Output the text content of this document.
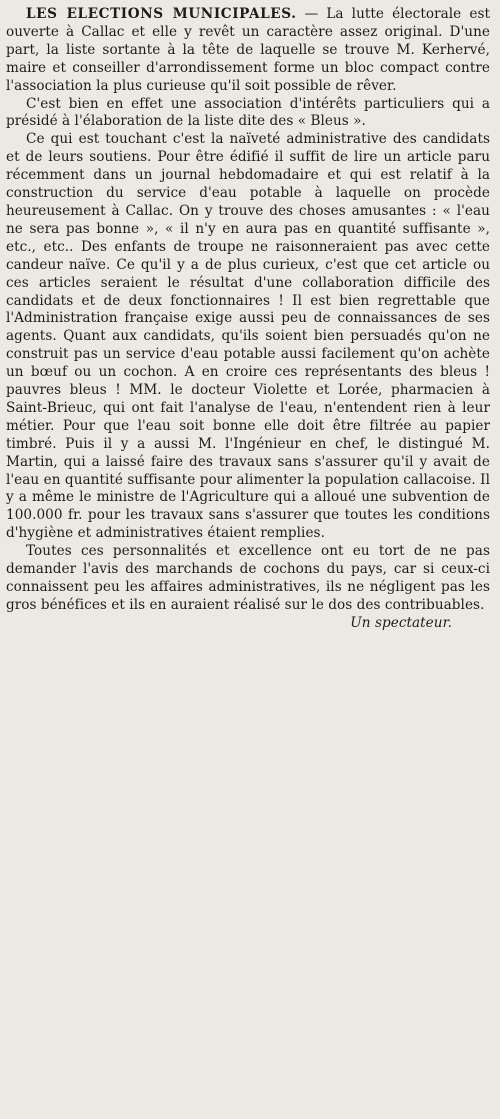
LES ELECTIONS MUNICIPALES. — La lutte électorale est ouverte à Callac et elle y revêt un caractère assez original. D'une part, la liste sortante à la tête de laquelle se trouve M. Kerhervé, maire et conseiller d'arrondissement forme un bloc compact contre l'association la plus curieuse qu'il soit possible de rêver.

C'est bien en effet une association d'intérêts particuliers qui a présidé à l'élaboration de la liste dite des « Bleus ».

Ce qui est touchant c'est la naïveté administrative des candidats et de leurs soutiens. Pour être édifié il suffit de lire un article paru récemment dans un journal hebdomadaire et qui est relatif à la construction du service d'eau potable à laquelle on procède heureusement à Callac. On y trouve des choses amusantes : « l'eau ne sera pas bonne », « il n'y en aura pas en quantité suffisante », etc., etc.. Des enfants de troupe ne raisonneraient pas avec cette candeur naïve. Ce qu'il y a de plus curieux, c'est que cet article ou ces articles seraient le résultat d'une collaboration difficile des candidats et de deux fonctionnaires ! Il est bien regrettable que l'Administration française exige aussi peu de connaissances de ses agents. Quant aux candidats, qu'ils soient bien persuadés qu'on ne construit pas un service d'eau potable aussi facilement qu'on achète un bœuf ou un cochon. A en croire ces représentants des bleus ! pauvres bleus ! MM. le docteur Violette et Lorée, pharmacien à Saint-Brieuc, qui ont fait l'analyse de l'eau, n'entendent rien à leur métier. Pour que l'eau soit bonne elle doit être filtrée au papier timbré. Puis il y a aussi M. l'Ingénieur en chef, le distingué M. Martin, qui a laissé faire des travaux sans s'assurer qu'il y avait de l'eau en quantité suffisante pour alimenter la population callacoise. Il y a même le ministre de l'Agriculture qui a alloué une subvention de 100.000 fr. pour les travaux sans s'assurer que toutes les conditions d'hygiène et administratives étaient remplies.

Toutes ces personnalités et excellence ont eu tort de ne pas demander l'avis des marchands de cochons du pays, car si ceux-ci connaissent peu les affaires administratives, ils ne négligent pas les gros bénéfices et ils en auraient réalisé sur le dos des contribuables.

Un spectateur.
